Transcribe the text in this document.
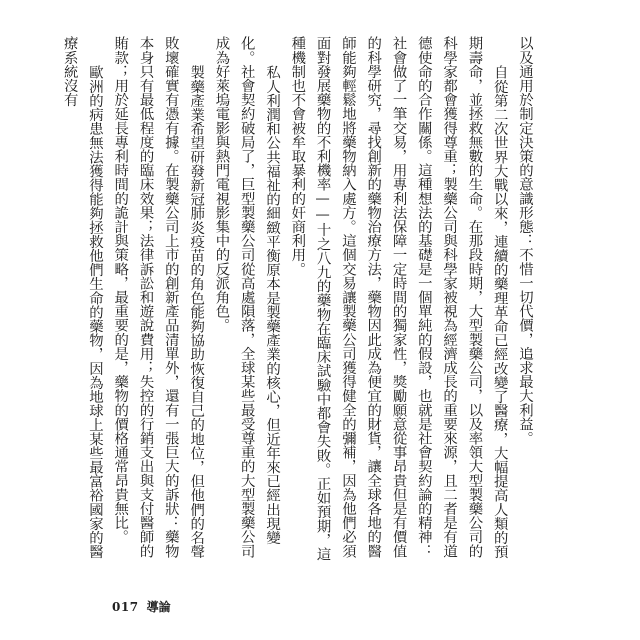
以及通用於制定決策的意識形態：不惜一切代價，追求最大利益。

自從第二次世界大戰以來，連續的藥理革命已經改變了醫療，大幅提高人類的預期壽命，並拯救無數的生命。在那段時期，大型製藥公司，以及率領大型製藥公司的科學家都會獲得尊重；製藥公司與科學家被視為經濟成長的重要來源，且二者是有道德使命的合作關係。這種想法的基礎是一個單純的假設，也就是社會契約論的精神：社會做了一筆交易，用專利法保障一定時間的獨家性，獎勵願意從事昂貴但是有價值的科學研究，尋找創新的藥物治療方法，藥物因此成為便宜的財貨，讓全球各地的醫師能夠輕鬆地將藥物納入處方。這個交易讓製藥公司獲得健全的彌補，因為他們必須面對發展藥物的不利機率——十之八九的藥物在臨床試驗中都會失敗。正如預期，這種機制也不會被牟取暴利的奸商利用。

私人利潤和公共福祉的細緻平衡原本是製藥產業的核心，但近年來已經出現變化。社會契約破局了，巨型製藥公司從高處隕落，全球某些最受尊重的大型製藥公司成為好萊塢電影與熱門電視影集中的反派角色。

製藥產業希望研發新冠肺炎疫苗的角色能夠協助恢復自己的地位，但他們的名聲敗壞確實有憑有據。在製藥公司上市的創新產品清單外，還有一張巨大的訴狀：藥物本身只有最低程度的臨床效果；法律訴訟和遊說費用；失控的行銷支出與支付醫師的賄款；用於延長專利時間的詭計與策略，最重要的是，藥物的價格通常昂貴無比。

歐洲的病患無法獲得能夠拯救他們生命的藥物，因為地球上某些最富裕國家的醫療系統沒有

017 導論
